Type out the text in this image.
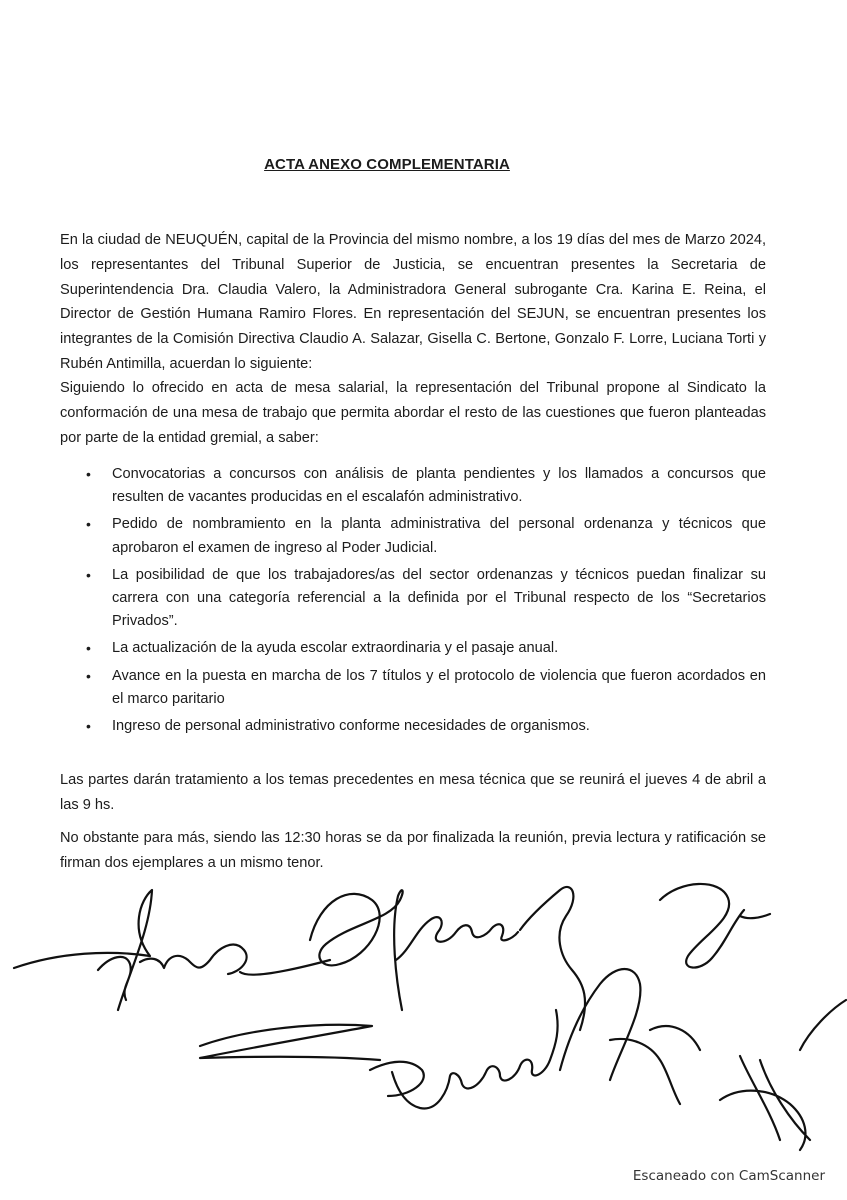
ACTA ANEXO COMPLEMENTARIA
En la ciudad de NEUQUÉN, capital de la Provincia del mismo nombre, a los 19 días del mes de Marzo 2024, los representantes del Tribunal Superior de Justicia, se encuentran presentes la Secretaria de Superintendencia Dra. Claudia Valero, la Administradora General subrogante Cra. Karina E. Reina, el Director de Gestión Humana Ramiro Flores. En representación del SEJUN, se encuentran presentes los integrantes de la Comisión Directiva Claudio A. Salazar, Gisella C. Bertone, Gonzalo F. Lorre, Luciana Torti y Rubén Antimilla, acuerdan lo siguiente:
Siguiendo lo ofrecido en acta de mesa salarial, la representación del Tribunal propone al Sindicato la conformación de una mesa de trabajo que permita abordar el resto de las cuestiones que fueron planteadas por parte de la entidad gremial, a saber:
• Convocatorias a concursos con análisis de planta pendientes y los llamados a concursos que resulten de vacantes producidas en el escalafón administrativo.
• Pedido de nombramiento en la planta administrativa del personal ordenanza y técnicos que aprobaron el examen de ingreso al Poder Judicial.
• La posibilidad de que los trabajadores/as del sector ordenanzas y técnicos puedan finalizar su carrera con una categoría referencial a la definida por el Tribunal respecto de los “Secretarios Privados”.
• La actualización de la ayuda escolar extraordinaria y el pasaje anual.
• Avance en la puesta en marcha de los 7 títulos y el protocolo de violencia que fueron acordados en el marco paritario
• Ingreso de personal administrativo conforme necesidades de organismos.
Las partes darán tratamiento a los temas precedentes en mesa técnica que se reunirá el jueves 4 de abril a las 9 hs.
No obstante para más, siendo las 12:30 horas se da por finalizada la reunión, previa lectura y ratificación se firman dos ejemplares a un mismo tenor.
Escaneado con CamScanner
